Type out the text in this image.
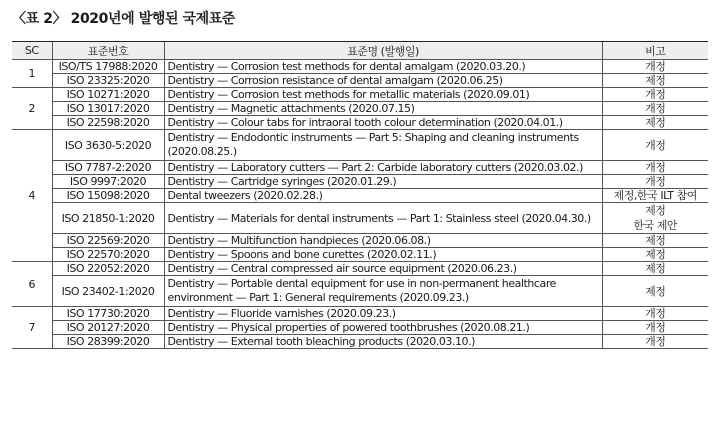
〈표 2〉 2020년에 발행된 국제표준
SC	표준번호	표준명 (발행일)	비고
1	ISO/TS 17988:2020	Dentistry — Corrosion test methods for dental amalgam (2020.03.20.)	개정
	ISO 23325:2020	Dentistry — Corrosion resistance of dental amalgam (2020.06.25)	제정
2	ISO 10271:2020	Dentistry — Corrosion test methods for metallic materials (2020.09.01)	개정
	ISO 13017:2020	Dentistry — Magnetic attachments (2020.07.15)	개정
	ISO 22598:2020	Dentistry — Colour tabs for intraoral tooth colour determination (2020.04.01.)	제정
4	ISO 3630-5:2020	Dentistry — Endodontic instruments — Part 5: Shaping and cleaning instruments (2020.08.25.)	개정
	ISO 7787-2:2020	Dentistry — Laboratory cutters — Part 2: Carbide laboratory cutters (2020.03.02.)	개정
	ISO 9997:2020	Dentistry — Cartridge syringes (2020.01.29.)	개정
	ISO 15098:2020	Dental tweezers (2020.02.28.)	제정,한국 ILT 참여
	ISO 21850-1:2020	Dentistry — Materials for dental instruments — Part 1: Stainless steel (2020.04.30.)	제정
한국 제안
	ISO 22569:2020	Dentistry — Multifunction handpieces (2020.06.08.)	제정
	ISO 22570:2020	Dentistry — Spoons and bone curettes (2020.02.11.)	제정
6	ISO 22052:2020	Dentistry — Central compressed air source equipment (2020.06.23.)	제정
	ISO 23402-1:2020	Dentistry — Portable dental equipment for use in non-permanent healthcare environment — Part 1: General requirements (2020.09.23.)	제정
7	ISO 17730:2020	Dentistry — Fluoride varnishes (2020.09.23.)	개정
	ISO 20127:2020	Dentistry — Physical properties of powered toothbrushes (2020.08.21.)	개정
	ISO 28399:2020	Dentistry — External tooth bleaching products (2020.03.10.)	개정
